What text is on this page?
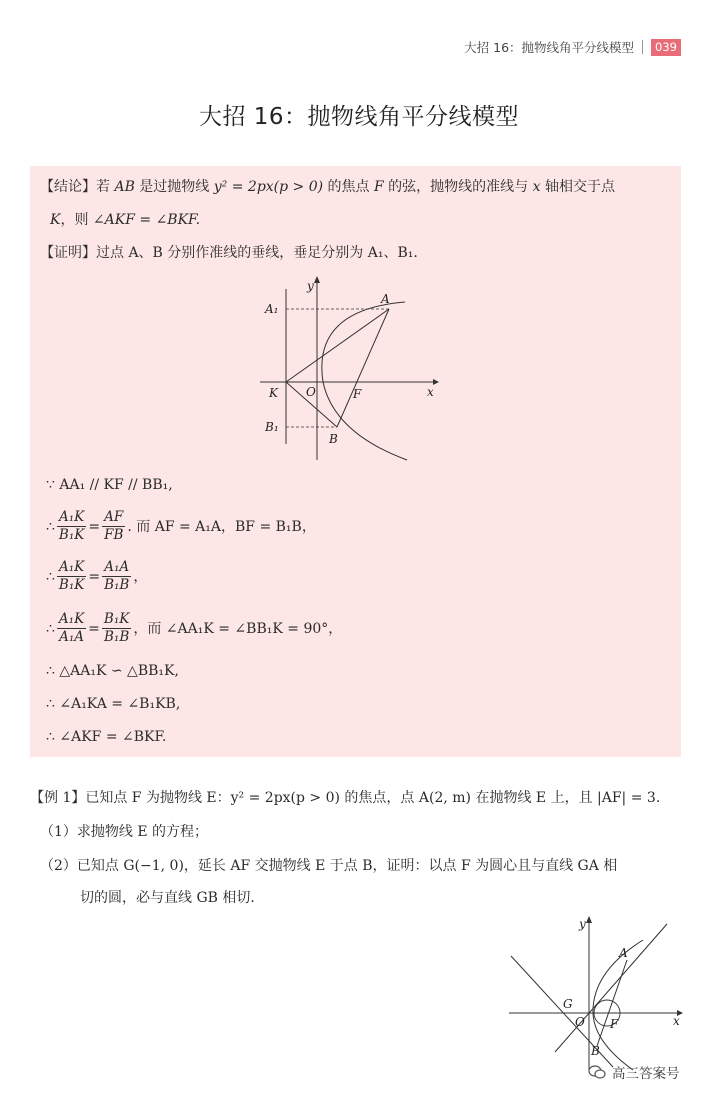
大招 16：抛物线角平分线模型	039
大招 16：抛物线角平分线模型
【结论】若 AB 是过抛物线 y² = 2px(p > 0) 的焦点 F 的弦，抛物线的准线与 x 轴相交于点
K，则 ∠AKF = ∠BKF.
【证明】过点 A、B 分别作准线的垂线，垂足分别为 A₁、B₁.
y
x
A₁
A
K O	F
B₁
B
∵ AA₁ // KF // BB₁,
∴ $\frac{\text{A₁K}}{\text{B₁K}} = \frac{AF}{FB}$ . 而 AF = A₁A，BF = B₁B，
∴ $\frac{\text{A₁K}}{\text{B₁K}} = \frac{\text{A₁A}}{\text{B₁B}}$ ，
∴ $\frac{\text{A₁K}}{\text{A₁A}} = \frac{\text{B₁K}}{\text{B₁B}}$ ，而 ∠AA₁K = ∠BB₁K = 90°，
∴ △AA₁K ∽ △BB₁K,
∴ ∠A₁KA = ∠B₁KB,
∴ ∠AKF = ∠BKF.
【例 1】已知点 F 为抛物线 E：y² = 2px(p > 0) 的焦点，点 A(2, m) 在抛物线 E 上，且 |AF| = 3.
（1）求抛物线 E 的方程；
（2）已知点 G(−1, 0)，延长 AF 交抛物线 E 于点 B，证明：以点 F 为圆心且与直线 GA 相
切的圆，必与直线 GB 相切.
y
x
A
G
O F
B
高三答案号
